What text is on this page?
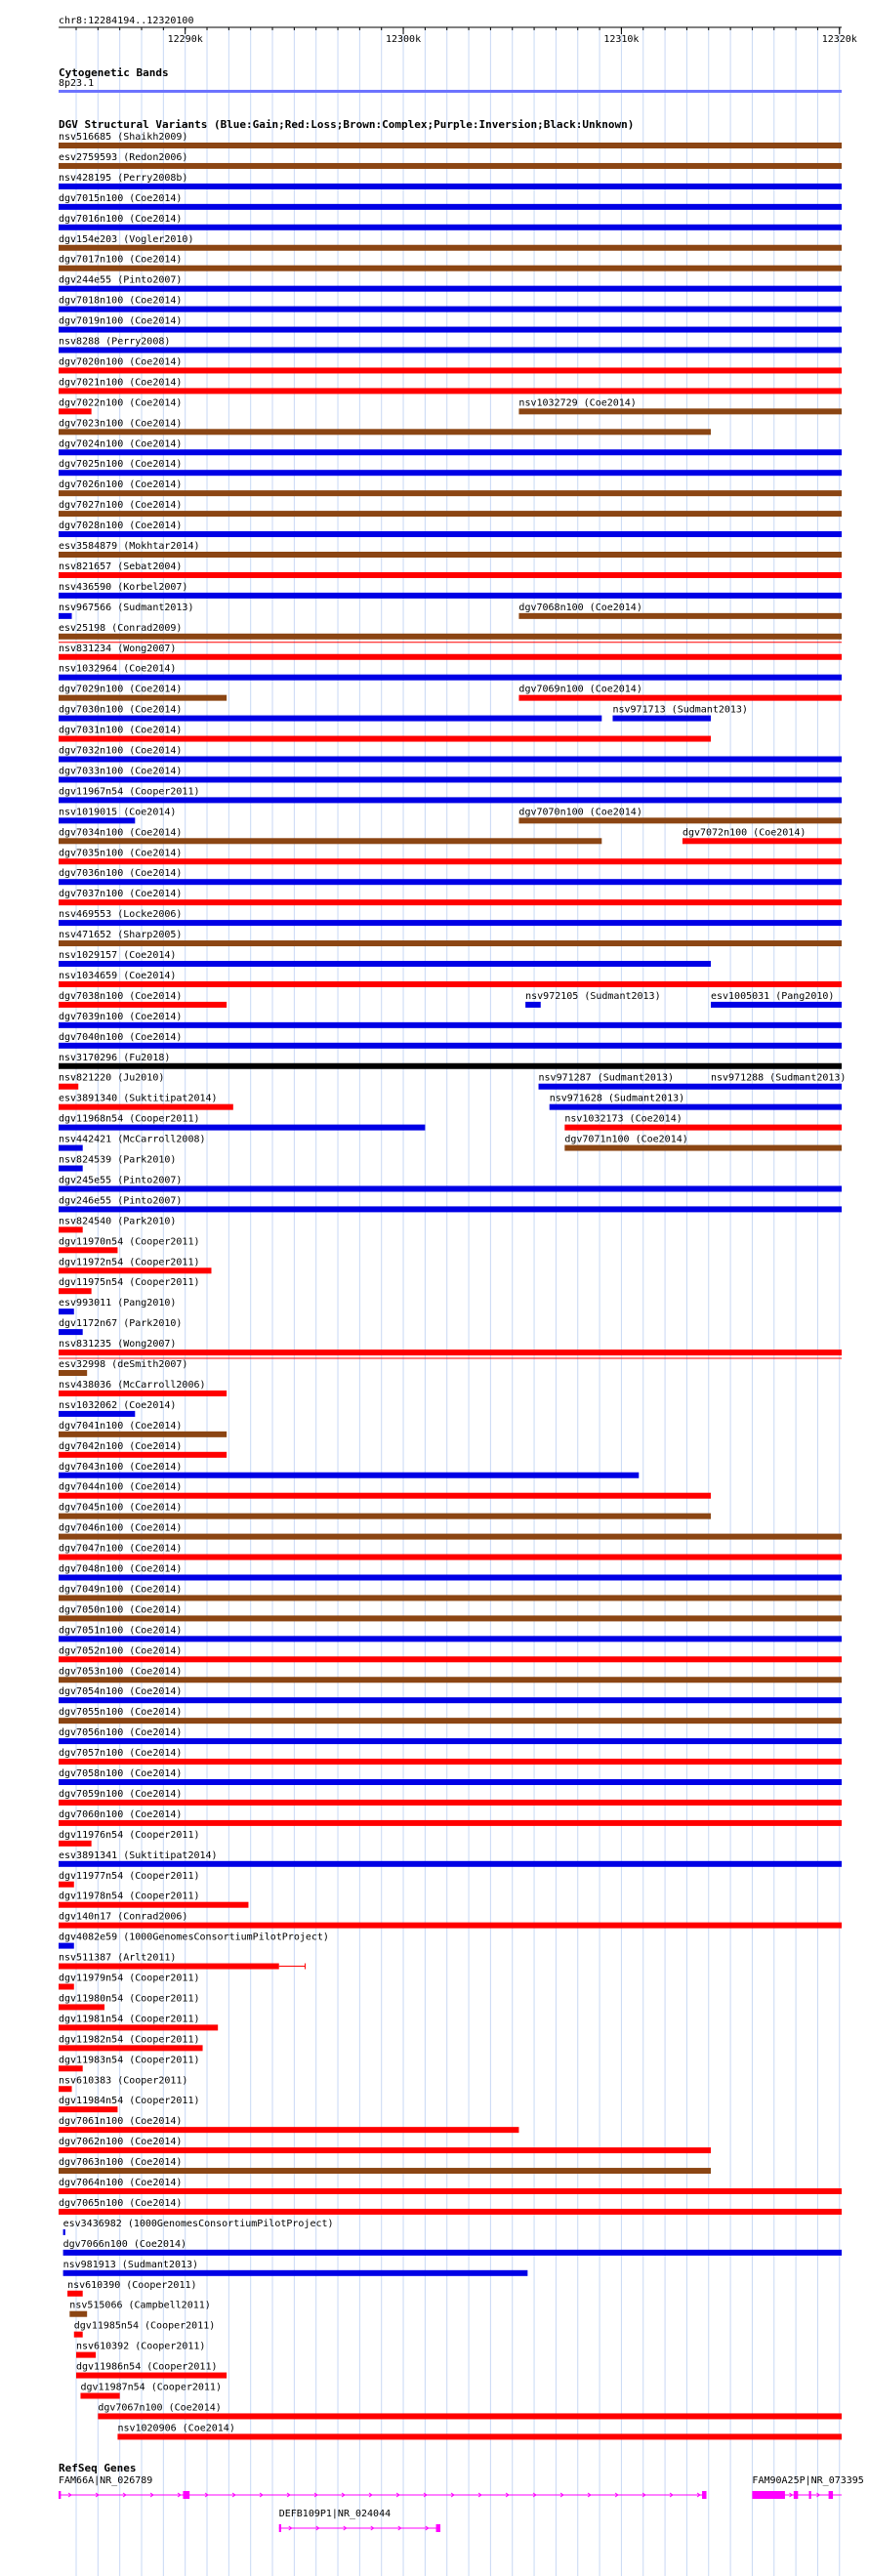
chr8:12284194..12320100
12290k	12300k	12310k	12320k
Cytogenetic Bands
8p23.1
DGV Structural Variants (Blue:Gain;Red:Loss;Brown:Complex;Purple:Inversion;Black:Unknown)
nsv516685 (Shaikh2009)
esv2759593 (Redon2006)
nsv428195 (Perry2008b)
dgv7015n100 (Coe2014)
dgv7016n100 (Coe2014)
dgv154e203 (Vogler2010)
dgv7017n100 (Coe2014)
dgv244e55 (Pinto2007)
dgv7018n100 (Coe2014)
dgv7019n100 (Coe2014)
nsv8288 (Perry2008)
dgv7020n100 (Coe2014)
dgv7021n100 (Coe2014)
dgv7022n100 (Coe2014)	nsv1032729 (Coe2014)
dgv7023n100 (Coe2014)
dgv7024n100 (Coe2014)
dgv7025n100 (Coe2014)
dgv7026n100 (Coe2014)
dgv7027n100 (Coe2014)
dgv7028n100 (Coe2014)
esv3584879 (Mokhtar2014)
nsv821657 (Sebat2004)
nsv436590 (Korbel2007)
nsv967566 (Sudmant2013)	dgv7068n100 (Coe2014)
esv25198 (Conrad2009)
nsv831234 (Wong2007)
nsv1032964 (Coe2014)
dgv7029n100 (Coe2014)	dgv7069n100 (Coe2014)
dgv7030n100 (Coe2014)	nsv971713 (Sudmant2013)
dgv7031n100 (Coe2014)
dgv7032n100 (Coe2014)
dgv7033n100 (Coe2014)
dgv11967n54 (Cooper2011)
nsv1019015 (Coe2014)	dgv7070n100 (Coe2014)
dgv7034n100 (Coe2014)	dgv7072n100 (Coe2014)
dgv7035n100 (Coe2014)
dgv7036n100 (Coe2014)
dgv7037n100 (Coe2014)
nsv469553 (Locke2006)
nsv471652 (Sharp2005)
nsv1029157 (Coe2014)
nsv1034659 (Coe2014)
dgv7038n100 (Coe2014)	nsv972105 (Sudmant2013)	esv1005031 (Pang2010)
dgv7039n100 (Coe2014)
dgv7040n100 (Coe2014)
nsv3170296 (Fu2018)
nsv821220 (Ju2010)	nsv971287 (Sudmant2013)	nsv971288 (Sudmant2013)
esv3891340 (Suktitipat2014)	nsv971628 (Sudmant2013)
dgv11968n54 (Cooper2011)	nsv1032173 (Coe2014)
nsv442421 (McCarroll2008)	dgv7071n100 (Coe2014)
nsv824539 (Park2010)
dgv245e55 (Pinto2007)
dgv246e55 (Pinto2007)
nsv824540 (Park2010)
dgv11970n54 (Cooper2011)
dgv11972n54 (Cooper2011)
dgv11975n54 (Cooper2011)
esv993011 (Pang2010)
dgv1172n67 (Park2010)
nsv831235 (Wong2007)
esv32998 (deSmith2007)
nsv438036 (McCarroll2006)
nsv1032062 (Coe2014)
dgv7041n100 (Coe2014)
dgv7042n100 (Coe2014)
dgv7043n100 (Coe2014)
dgv7044n100 (Coe2014)
dgv7045n100 (Coe2014)
dgv7046n100 (Coe2014)
dgv7047n100 (Coe2014)
dgv7048n100 (Coe2014)
dgv7049n100 (Coe2014)
dgv7050n100 (Coe2014)
dgv7051n100 (Coe2014)
dgv7052n100 (Coe2014)
dgv7053n100 (Coe2014)
dgv7054n100 (Coe2014)
dgv7055n100 (Coe2014)
dgv7056n100 (Coe2014)
dgv7057n100 (Coe2014)
dgv7058n100 (Coe2014)
dgv7059n100 (Coe2014)
dgv7060n100 (Coe2014)
dgv11976n54 (Cooper2011)
esv3891341 (Suktitipat2014)
dgv11977n54 (Cooper2011)
dgv11978n54 (Cooper2011)
dgv140n17 (Conrad2006)
dgv4082e59 (1000GenomesConsortiumPilotProject)
nsv511387 (Arlt2011)
dgv11979n54 (Cooper2011)
dgv11980n54 (Cooper2011)
dgv11981n54 (Cooper2011)
dgv11982n54 (Cooper2011)
dgv11983n54 (Cooper2011)
nsv610383 (Cooper2011)
dgv11984n54 (Cooper2011)
dgv7061n100 (Coe2014)
dgv7062n100 (Coe2014)
dgv7063n100 (Coe2014)
dgv7064n100 (Coe2014)
dgv7065n100 (Coe2014)
esv3436982 (1000GenomesConsortiumPilotProject)
dgv7066n100 (Coe2014)
nsv981913 (Sudmant2013)
nsv610390 (Cooper2011)
nsv515066 (Campbell2011)
dgv11985n54 (Cooper2011)
nsv610392 (Cooper2011)
dgv11986n54 (Cooper2011)
dgv11987n54 (Cooper2011)
dgv7067n100 (Coe2014)
nsv1020906 (Coe2014)
RefSeq Genes
FAM66A|NR_026789
DEFB109P1|NR_024044
FAM90A25P|NR_073395
